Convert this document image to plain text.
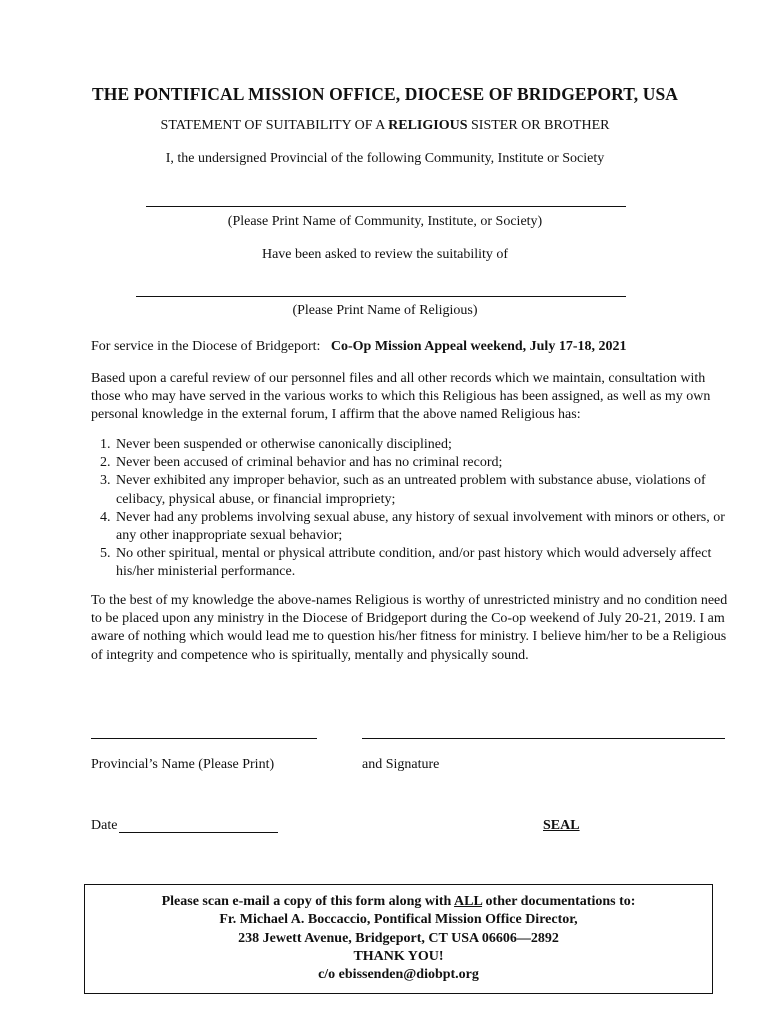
THE PONTIFICAL MISSION OFFICE, DIOCESE OF BRIDGEPORT, USA
STATEMENT OF SUITABILITY OF A RELIGIOUS SISTER OR BROTHER
I, the undersigned Provincial of the following Community, Institute or Society
(Please Print Name of Community, Institute, or Society)
Have been asked to review the suitability of
(Please Print Name of Religious)
For service in the Diocese of Bridgeport: Co-Op Mission Appeal weekend, July 17-18, 2021
Based upon a careful review of our personnel files and all other records which we maintain, consultation with those who may have served in the various works to which this Religious has been assigned, as well as my own personal knowledge in the external forum, I affirm that the above named Religious has:
1. Never been suspended or otherwise canonically disciplined;
2. Never been accused of criminal behavior and has no criminal record;
3. Never exhibited any improper behavior, such as an untreated problem with substance abuse, violations of celibacy, physical abuse, or financial impropriety;
4. Never had any problems involving sexual abuse, any history of sexual involvement with minors or others, or any other inappropriate sexual behavior;
5. No other spiritual, mental or physical attribute condition, and/or past history which would adversely affect his/her ministerial performance.
To the best of my knowledge the above-names Religious is worthy of unrestricted ministry and no condition need to be placed upon any ministry in the Diocese of Bridgeport during the Co-op weekend of July 20-21, 2019. I am aware of nothing which would lead me to question his/her fitness for ministry. I believe him/her to be a Religious of integrity and competence who is spiritually, mentally and physically sound.
Provincial’s Name (Please Print)	and Signature
Date	SEAL
Please scan e-mail a copy of this form along with ALL other documentations to:
Fr. Michael A. Boccaccio, Pontifical Mission Office Director,
238 Jewett Avenue, Bridgeport, CT USA 06606—2892
THANK YOU!
c/o ebissenden@diobpt.org
